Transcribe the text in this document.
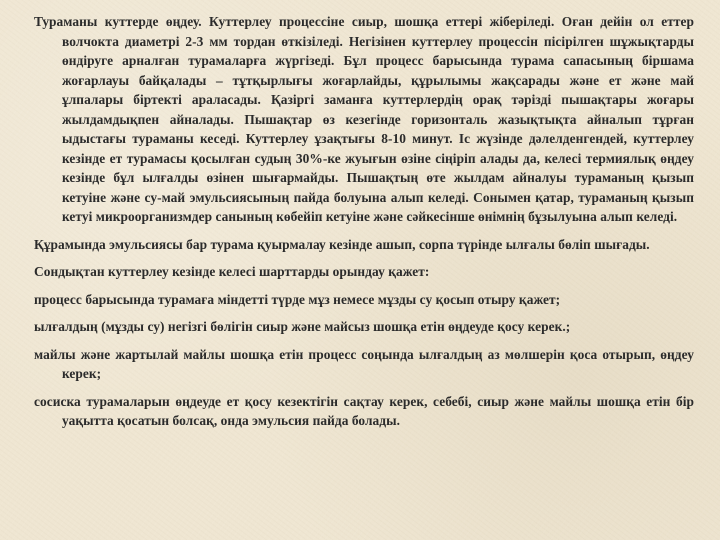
Тураманы куттерде өңдеу. Куттерлеу процессіне сиыр, шошқа еттері жіберіледі. Оған дейін ол еттер волчокта диаметрі 2-3 мм тордан өткізіледі. Негізінен куттерлеу процессін пісірілген шұжықтарды өндіруге арналған турамаларға жүргізеді. Бұл процесс барысында турама сапасының біршама жоғарлауы байқалады – тұтқырлығы жоғарлайды, құрылымы жақсарады және ет және май ұлпалары біртекті араласады. Қазіргі заманға куттерлердің орақ тәрізді пышақтары жоғары жылдамдықпен айналады. Пышақтар өз кезегінде горизонталь жазықтықта айналып тұрған ыдыстағы тураманы кеседі. Куттерлеу ұзақтығы 8-10 минут. Іс жүзінде дәлелденгендей, куттерлеу кезінде ет турамасы қосылған судың 30%-ке жуығын өзіне сіңіріп алады да, келесі термиялық өңдеу кезінде бұл ылғалды өзінен шығармайды. Пышақтың өте жылдам айналуы тураманың қызып кетуіне және су-май эмульсиясының пайда болуына алып келеді. Сонымен қатар, тураманың қызып кетуі микроорганизмдер санының көбейіп кетуіне және сәйкесінше өнімнің бұзылуына алып келеді.

Құрамында эмульсиясы бар турама қуырмалау кезінде ашып, сорпа түрінде ылғалы бөліп шығады.

Сондықтан куттерлеу кезінде келесі шарттарды орындау қажет:

процесс барысында турамаға міндетті түрде мұз немесе мұзды су қосып отыру қажет;

ылғалдың (мұзды су) негізгі бөлігін сиыр және майсыз шошқа етін өңдеуде қосу керек.;

майлы және жартылай майлы шошқа етін процесс соңында ылғалдың аз мөлшерін қоса отырып, өңдеу керек;

сосиска турамаларын өңдеуде ет қосу кезектігін сақтау керек, себебі, сиыр және майлы шошқа етін бір уақытта қосатын болсақ, онда эмульсия пайда болады.
